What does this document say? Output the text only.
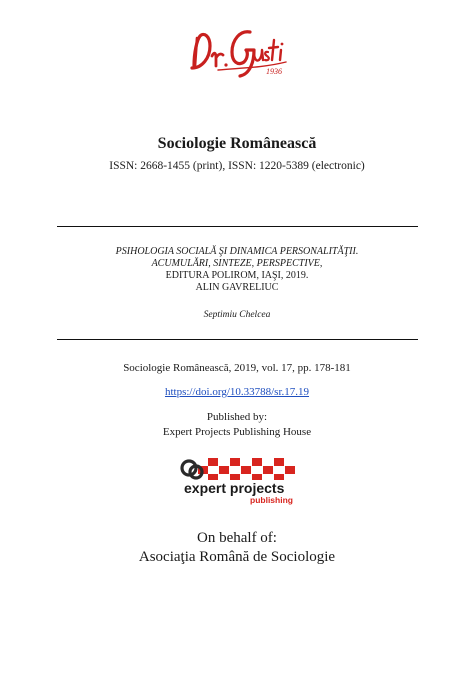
1936
Sociologie Românească
ISSN: 2668-1455 (print), ISSN: 1220-5389 (electronic)
PSIHOLOGIA SOCIALĂ ŞI DINAMICA PERSONALITĂŢII.
ACUMULĂRI, SINTEZE, PERSPECTIVE,
EDITURA POLIROM, IAŞI, 2019.
ALIN GAVRELIUC
Septimiu Chelcea
Sociologie Românească, 2019, vol. 17, pp. 178-181
https://doi.org/10.33788/sr.17.19
Published by:
Expert Projects Publishing House
expert projects
publishing
On behalf of:
Asociaţia Română de Sociologie
